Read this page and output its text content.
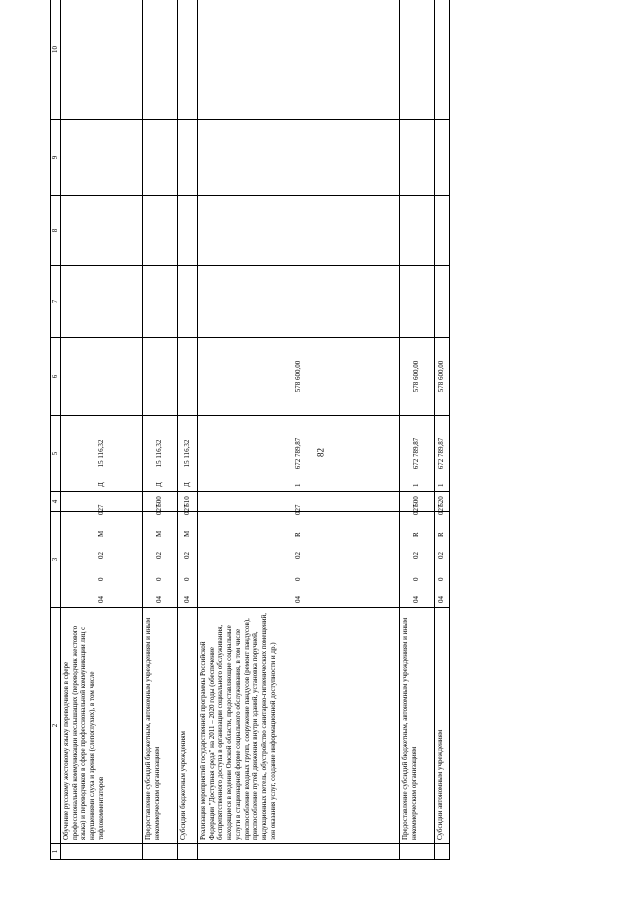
82
1	2	3	4	5	6	7	8	9	10
	Обучение русскому жестовому языку переводчиков в сфере профессиональной коммуникации неслышащих (переводчик жестового языка) и переводчиков в сфере профессиональной коммуникации лиц с нарушениями слуха и зрения (слепоглухих), в том числе тифлокомментаторов	04002M027Д		15 116,32					
	Предоставление субсидий бюджетным, автономным учреждениям и иным некоммерческим организациям	04002M027Д	600	15 116,32					
	Субсидии бюджетным учреждениям	04002M027Д	610	15 116,32					
	Реализация мероприятий государственной программы Российской Федерации "Доступная среда" на 2011 – 2020 годы (обеспечение беспрепятственного доступа в организации социального обслуживания, находящиеся в ведении Омской области, предоставляющие социальные услуги в стационарной форме социального обслуживания, в том числе приспособление входных групп, сооружение пандусов (ремонт пандусов), приспособление путей движения внутри зданий, установка поручней, индукционных петель, обустройство санитарно-гигиенических помещений, зон оказания услуг, создание информационной доступности и др.)	04002R0271		672 789,87	578 600,00				
	Предоставление субсидий бюджетным, автономным учреждениям и иным некоммерческим организациям	04002R0271	600	672 789,87	578 600,00				
	Субсидии автономным учреждениям	04002R0271	620	672 789,87	578 600,00				
